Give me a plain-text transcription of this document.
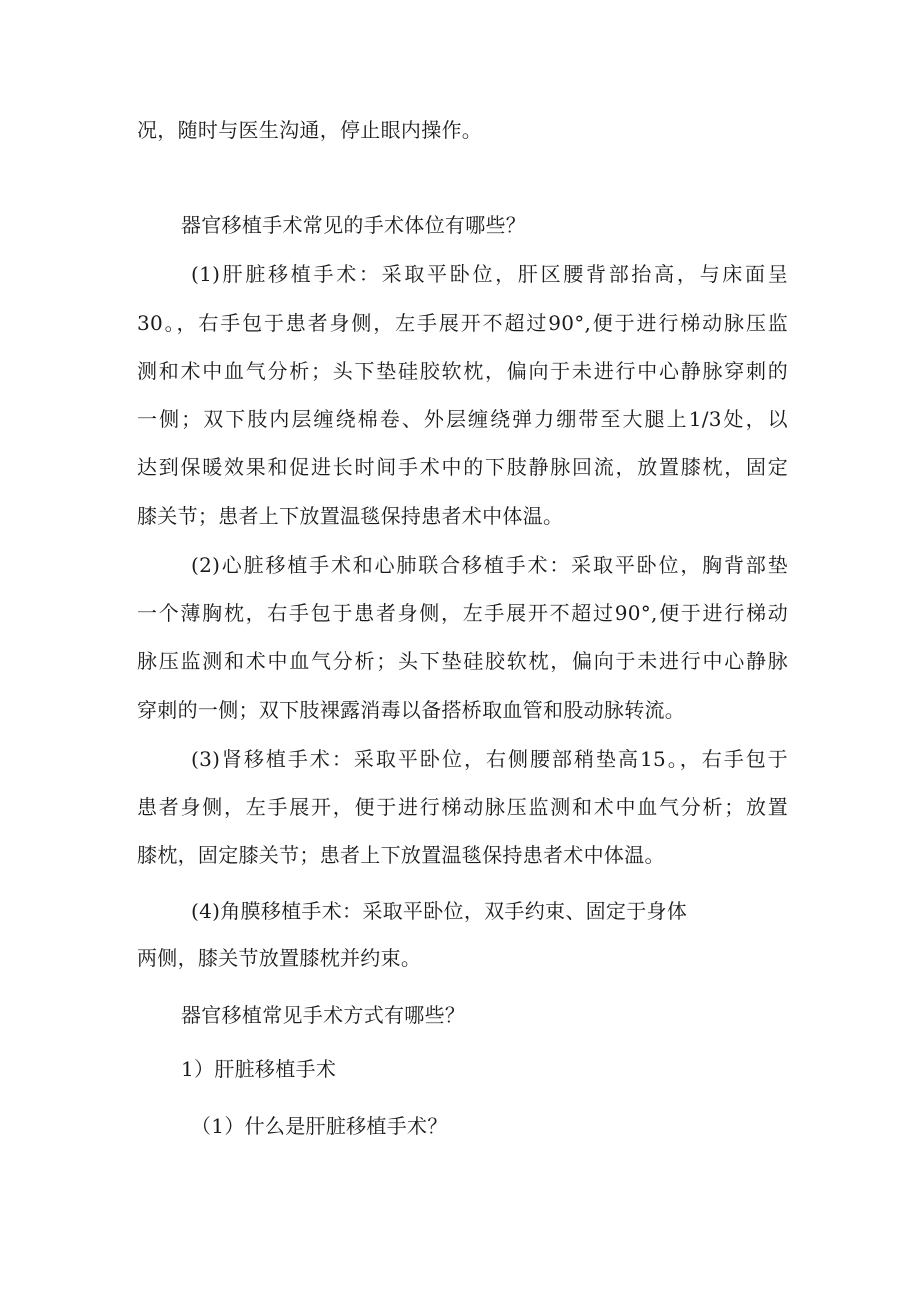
况，随时与医生沟通，停止眼内操作。

器官移植手术常见的手术体位有哪些？

(1)肝脏移植手术：采取平卧位，肝区腰背部抬高，与床面呈

30。，右手包于患者身侧，左手展开不超过90°,便于进行梯动脉压监

测和术中血气分析；头下垫硅胶软枕，偏向于未进行中心静脉穿刺的

一侧；双下肢内层缠绕棉卷、外层缠绕弹力绷带至大腿上1/3处，以

达到保暖效果和促进长时间手术中的下肢静脉回流，放置膝枕，固定

膝关节；患者上下放置温毯保持患者术中体温。

(2)心脏移植手术和心肺联合移植手术：采取平卧位，胸背部垫

一个薄胸枕，右手包于患者身侧，左手展开不超过90°,便于进行梯动

脉压监测和术中血气分析；头下垫硅胶软枕，偏向于未进行中心静脉

穿刺的一侧；双下肢裸露消毒以备搭桥取血管和股动脉转流。

(3)肾移植手术：采取平卧位，右侧腰部稍垫高15。，右手包于

患者身侧，左手展开，便于进行梯动脉压监测和术中血气分析；放置

膝枕，固定膝关节；患者上下放置温毯保持患者术中体温。

(4)角膜移植手术：采取平卧位，双手约束、固定于身体

两侧，膝关节放置膝枕并约束。

器官移植常见手术方式有哪些？

1）肝脏移植手术

（1）什么是肝脏移植手术？
